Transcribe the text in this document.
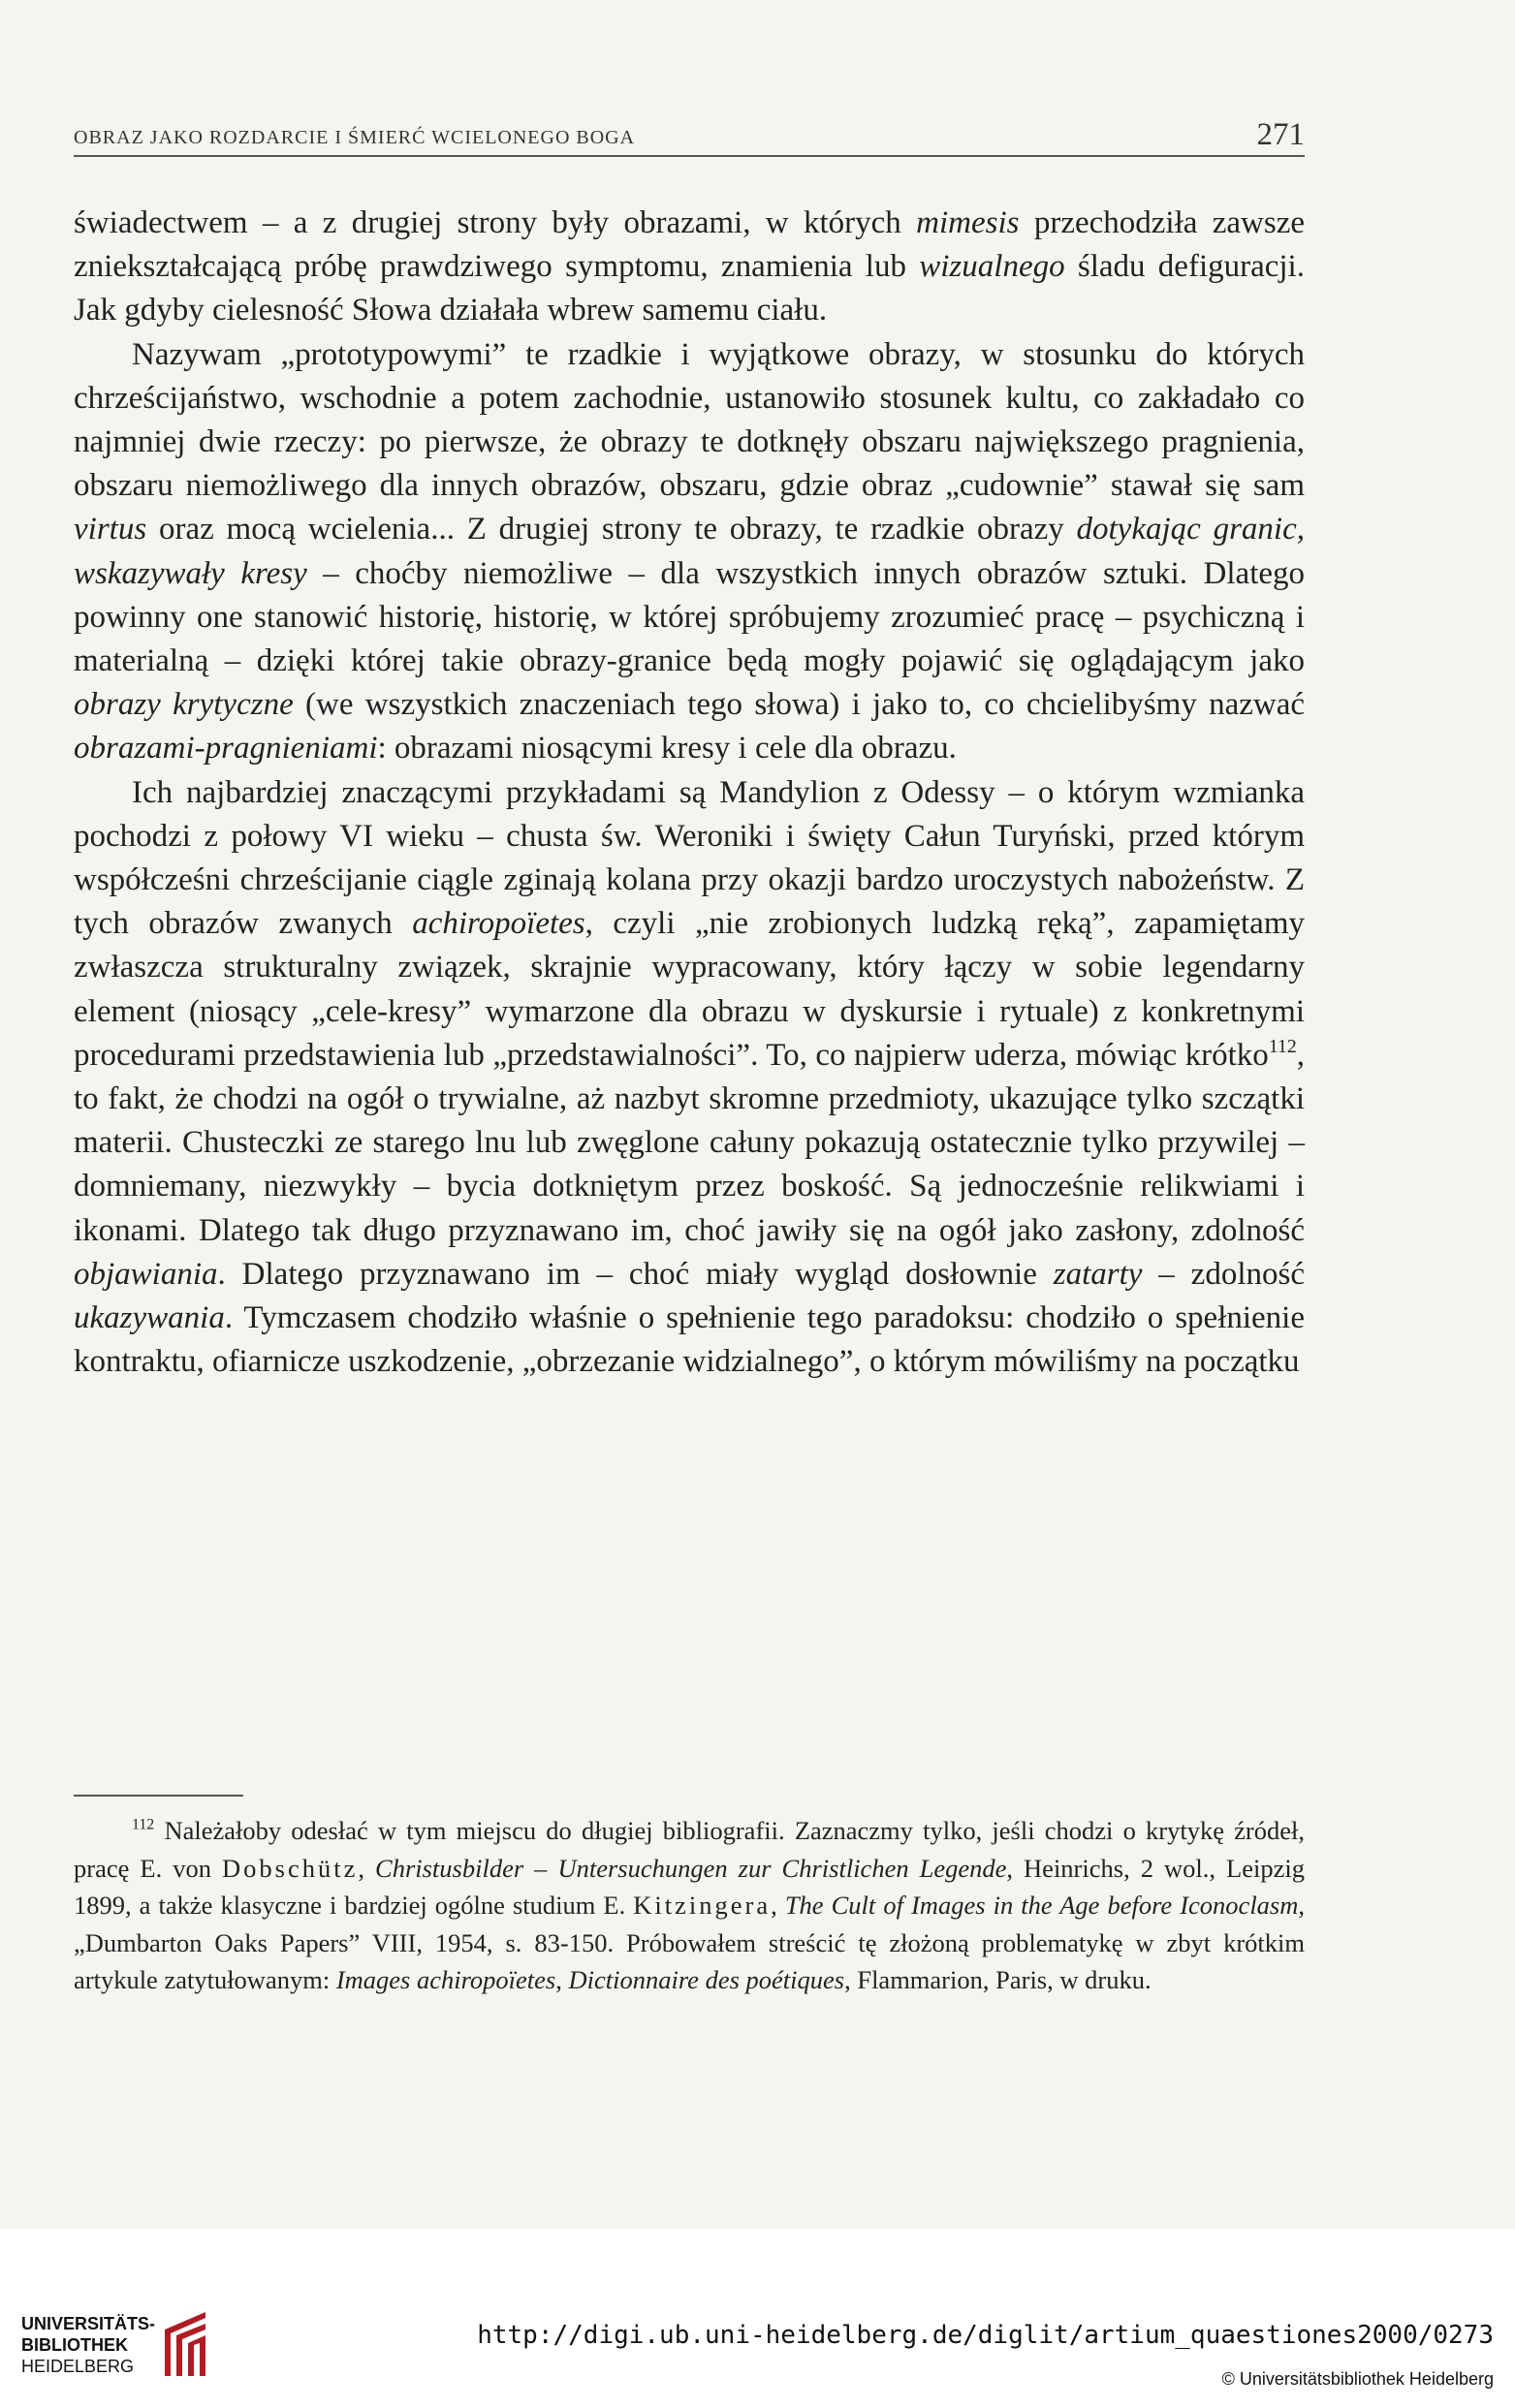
OBRAZ JAKO ROZDARCIE I ŚMIERĆ WCIELONEGO BOGA	271

świadectwem – a z drugiej strony były obrazami, w których mimesis przechodziła zawsze zniekształcającą próbę prawdziwego symptomu, znamienia lub wizualnego śladu defiguracji. Jak gdyby cielesność Słowa działała wbrew samemu ciału.

Nazywam „prototypowymi” te rzadkie i wyjątkowe obrazy, w stosunku do których chrześcijaństwo, wschodnie a potem zachodnie, ustanowiło stosunek kultu, co zakładało co najmniej dwie rzeczy: po pierwsze, że obrazy te dotknęły obszaru największego pragnienia, obszaru niemożliwego dla innych obrazów, obszaru, gdzie obraz „cudownie” stawał się sam virtus oraz mocą wcielenia... Z drugiej strony te obrazy, te rzadkie obrazy dotykając granic, wskazywały kresy – choćby niemożliwe – dla wszystkich innych obrazów sztuki. Dlatego powinny one stanowić historię, historię, w której spróbujemy zrozumieć pracę – psychiczną i materialną – dzięki której takie obrazy-granice będą mogły pojawić się oglądającym jako obrazy krytyczne (we wszystkich znaczeniach tego słowa) i jako to, co chcielibyśmy nazwać obrazami-pragnieniami: obrazami niosącymi kresy i cele dla obrazu.

Ich najbardziej znaczącymi przykładami są Mandylion z Odessy – o którym wzmianka pochodzi z połowy VI wieku – chusta św. Weroniki i święty Całun Turyński, przed którym współcześni chrześcijanie ciągle zginają kolana przy okazji bardzo uroczystych nabożeństw. Z tych obrazów zwanych achiropoïetes, czyli „nie zrobionych ludzką ręką”, zapamiętamy zwłaszcza strukturalny związek, skrajnie wypracowany, który łączy w sobie legendarny element (niosący „cele-kresy” wymarzone dla obrazu w dyskursie i rytuale) z konkretnymi procedurami przedstawienia lub „przedstawialności”. To, co najpierw uderza, mówiąc krótko$^{112}$, to fakt, że chodzi na ogół o trywialne, aż nazbyt skromne przedmioty, ukazujące tylko szczątki materii. Chusteczki ze starego lnu lub zwęglone całuny pokazują ostatecznie tylko przywilej – domniemany, niezwykły – bycia dotkniętym przez boskość. Są jednocześnie relikwiami i ikonami. Dlatego tak długo przyznawano im, choć jawiły się na ogół jako zasłony, zdolność objawiania. Dlatego przyznawano im – choć miały wygląd dosłownie zatarty – zdolność ukazywania. Tymczasem chodziło właśnie o spełnienie tego paradoksu: chodziło o spełnienie kontraktu, ofiarnicze uszkodzenie, „obrzezanie widzialnego”, o którym mówiliśmy na początku

$^{112}$ Należałoby odesłać w tym miejscu do długiej bibliografii. Zaznaczmy tylko, jeśli chodzi o krytykę źródeł, pracę E. von Dobschütz, Christusbilder – Untersuchungen zur Christlichen Legende, Heinrichs, 2 wol., Leipzig 1899, a także klasyczne i bardziej ogólne studium E. Kitzingera, The Cult of Images in the Age before Iconoclasm, „Dumbarton Oaks Papers” VIII, 1954, s. 83-150. Próbowałem streścić tę złożoną problematykę w zbyt krótkim artykule zatytułowanym: Images achiropoïetes, Dictionnaire des poétiques, Flammarion, Paris, w druku.

UNIVERSITÄTS-
BIBLIOTHEK
HEIDELBERG
http://digi.ub.uni-heidelberg.de/diglit/artium_quaestiones2000/0273
© Universitätsbibliothek Heidelberg
